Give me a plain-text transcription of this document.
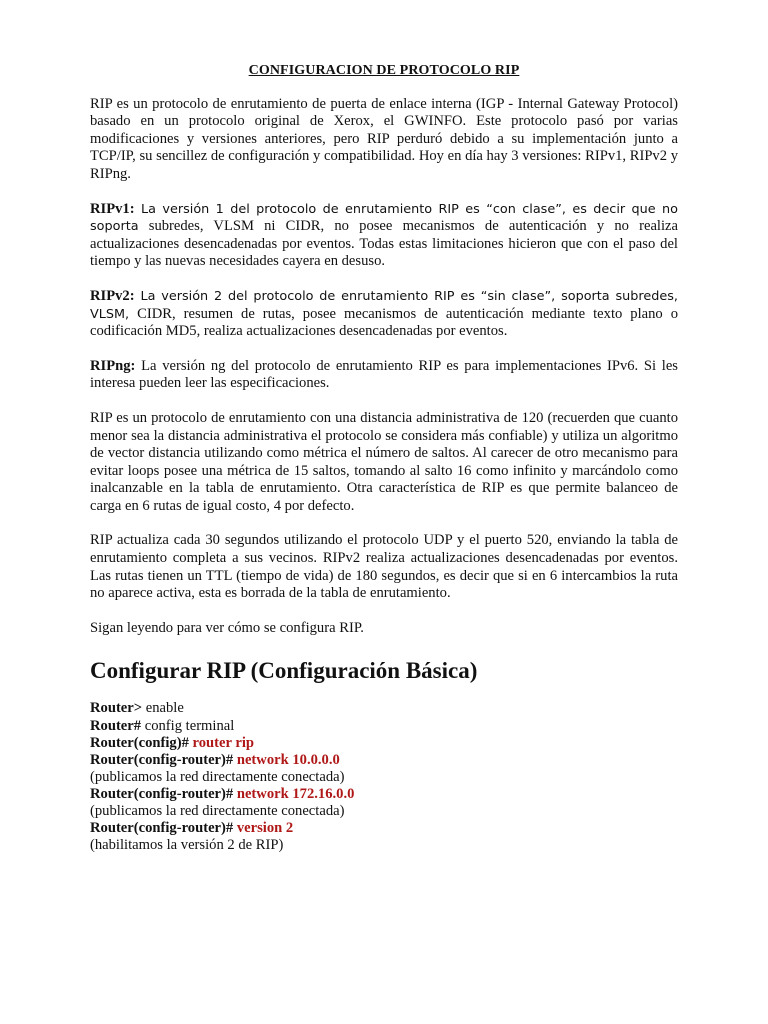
CONFIGURACION DE PROTOCOLO RIP

RIP es un protocolo de enrutamiento de puerta de enlace interna (IGP - Internal Gateway Protocol) basado en un protocolo original de Xerox, el GWINFO. Este protocolo pasó por varias modificaciones y versiones anteriores, pero RIP perduró debido a su implementación junto a TCP/IP, su sencillez de configuración y compatibilidad. Hoy en día hay 3 versiones: RIPv1, RIPv2 y RIPng.

RIPv1: La versión 1 del protocolo de enrutamiento RIP es “con clase”, es decir que no soporta subredes, VLSM ni CIDR, no posee mecanismos de autenticación y no realiza actualizaciones desencadenadas por eventos. Todas estas limitaciones hicieron que con el paso del tiempo y las nuevas necesidades cayera en desuso.

RIPv2: La versión 2 del protocolo de enrutamiento RIP es “sin clase”, soporta subredes, VLSM, CIDR, resumen de rutas, posee mecanismos de autenticación mediante texto plano o codificación MD5, realiza actualizaciones desencadenadas por eventos.

RIPng: La versión ng del protocolo de enrutamiento RIP es para implementaciones IPv6. Si les interesa pueden leer las especificaciones.

RIP es un protocolo de enrutamiento con una distancia administrativa de 120 (recuerden que cuanto menor sea la distancia administrativa el protocolo se considera más confiable) y utiliza un algoritmo de vector distancia utilizando como métrica el número de saltos. Al carecer de otro mecanismo para evitar loops posee una métrica de 15 saltos, tomando al salto 16 como infinito y marcándolo como inalcanzable en la tabla de enrutamiento. Otra característica de RIP es que permite balanceo de carga en 6 rutas de igual costo, 4 por defecto.

RIP actualiza cada 30 segundos utilizando el protocolo UDP y el puerto 520, enviando la tabla de enrutamiento completa a sus vecinos. RIPv2 realiza actualizaciones desencadenadas por eventos. Las rutas tienen un TTL (tiempo de vida) de 180 segundos, es decir que si en 6 intercambios la ruta no aparece activa, esta es borrada de la tabla de enrutamiento.

Sigan leyendo para ver cómo se configura RIP.

Configurar RIP (Configuración Básica)
Router> enable
Router# config terminal
Router(config)# router rip
Router(config-router)# network 10.0.0.0
(publicamos la red directamente conectada)
Router(config-router)# network 172.16.0.0
(publicamos la red directamente conectada)
Router(config-router)# version 2
(habilitamos la versión 2 de RIP)
